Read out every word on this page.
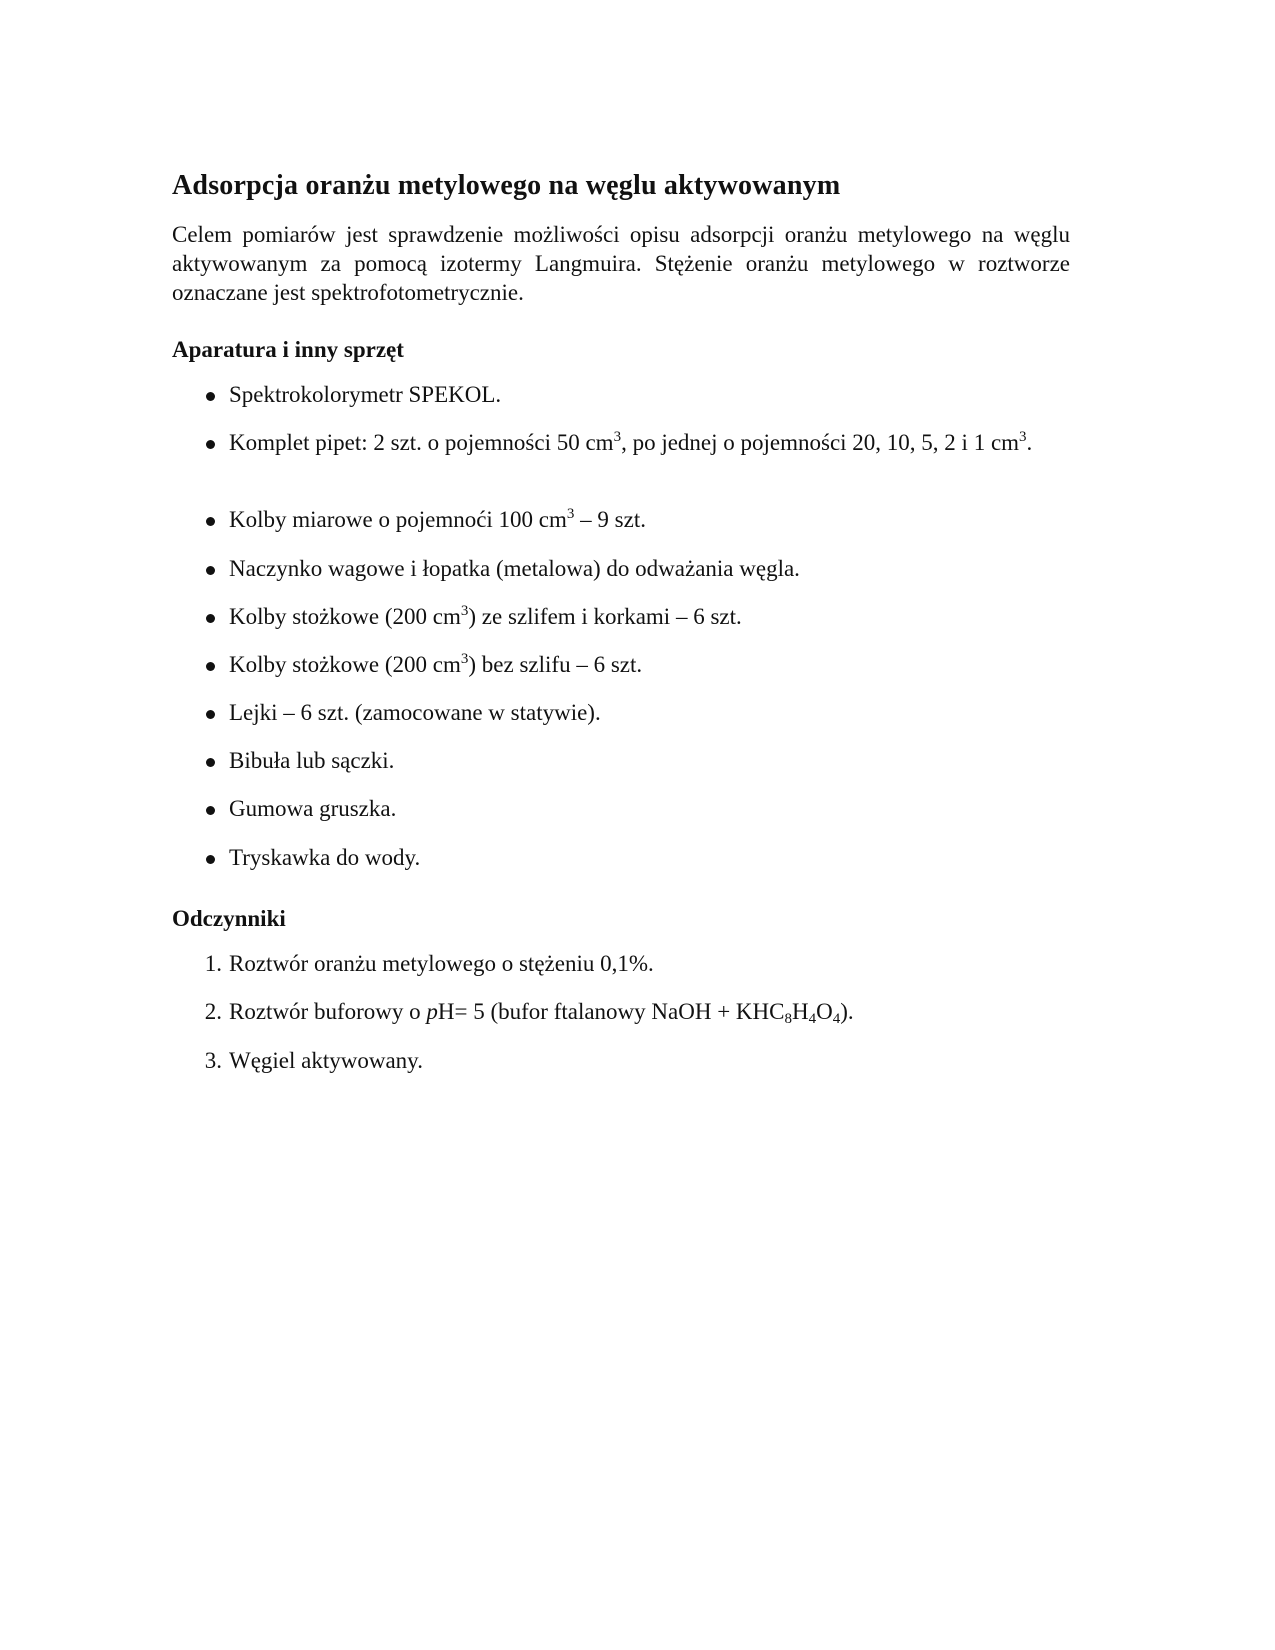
Adsorpcja oranżu metylowego na węglu aktywowanym

Celem pomiarów jest sprawdzenie możliwości opisu adsorpcji oranżu metylowego na węglu aktywowanym za pomocą izotermy Langmuira. Stężenie oranżu metylowego w roztworze oznaczane jest spektrofotometrycznie.

Aparatura i inny sprzęt
Spektrokolorymetr SPEKOL.
Komplet pipet: 2 szt. o pojemności 50 $cm^3$, po jednej o pojemności 20, 10, 5, 2 i 1 $cm^3$.
Kolby miarowe o pojemnoći 100 $cm^3 - 9$ szt.
Naczynko wagowe i łopatka (metalowa) do odważania węgla.
Kolby stożkowe (200 $cm^3$) ze szlifem i korkami – 6 szt.
Kolby stożkowe (200 $cm^3$) bez szlifu – 6 szt.
Lejki – 6 szt. (zamocowane w statywie).
Bibuła lub sączki.
Gumowa gruszka.
Tryskawka do wody.
Odczynniki
1. Roztwór oranżu metylowego o stężeniu 0,1%.
2. Roztwór buforowy o pH= 5 (bufor ftalanowy NaOH + $KHC_8H_4O_4$).
3. Węgiel aktywowany.
